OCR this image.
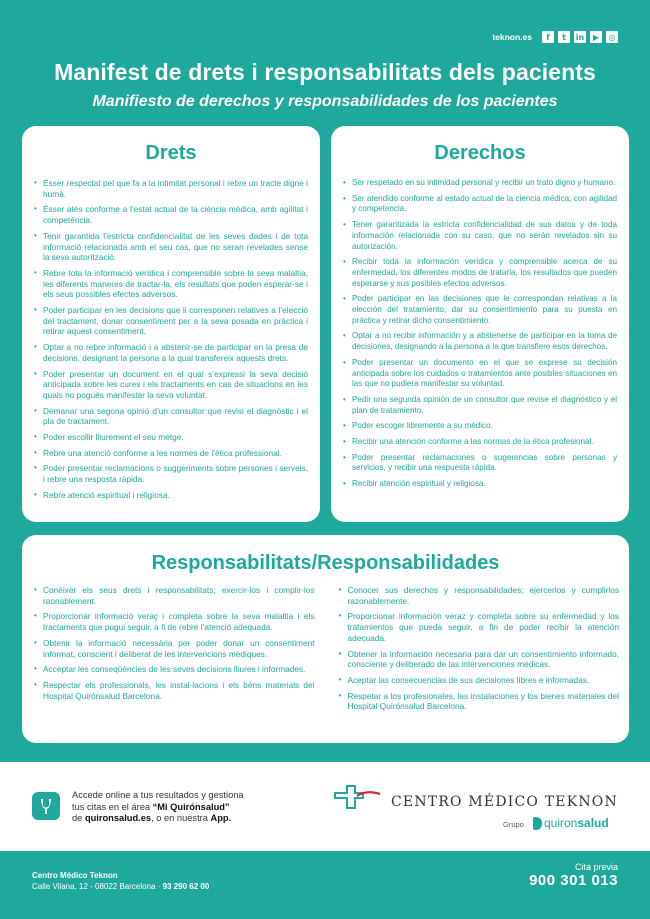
teknon.es	f	t	in	▶	◎
Manifest de drets i responsabilitats dels pacients
Manifiesto de derechos y responsabilidades de los pacientes
Drets
• Ésser respectat pel que fa a la intimitat personal i rebre un tracte digne i humà.
• Ésser atès conforme a l’estat actual de la ciència mèdica, amb agilitat i competència.
• Tenir garantida l’estricta confidencialitat de les seves dades i de tota informació relacionada amb el seu cas, que no seran revelades sense la seva autorització.
• Rebre tota la informació verídica i comprensible sobre la seva malaltia, les diferents maneres de tractar-la, els resultats que poden esperar-se i els seus possibles efectes adversos.
• Poder participar en les decisions que li corresponen relatives a l’elecció del tractament, donar consentiment per a la seva posada en pràctica i retirar aquest consentiment.
• Optar a no rebre informació i a abstenir-se de participar en la presa de decisions, designant la persona a la qual transfereix aquests drets.
• Poder presentar un document en el qual s’expressi la seva decisió anticipada sobre les cures i els tractaments en cas de situacions en les quals no pogués manifestar la seva voluntat.
• Demanar una segona opinió d’un consultor que revisi el diagnòstic i el pla de tractament.
• Poder escollir lliurement el seu metge.
• Rebre una atenció conforme a les normes de l’ètica professional.
• Poder presentar reclamacions o suggeriments sobre persones i serveis, i rebre una resposta ràpida.
• Rebre atenció espiritual i religiosa.
Derechos
• Ser respetado en su intimidad personal y recibir un trato digno y humano.
• Ser atendido conforme al estado actual de la ciencia médica, con agilidad y competencia.
• Tener garantizada la estricta confidencialidad de sus datos y de toda información relacionada con su caso, que no serán revelados sin su autorización.
• Recibir toda la información verídica y comprensible acerca de su enfermedad, los diferentes modos de tratarla, los resultados que pueden esperarse y sus posibles efectos adversos.
• Poder participar en las decisiones que le correspondan relativas a la elección del tratamiento, dar su consentimiento para su puesta en práctica y retirar dicho consentimiento.
• Optar a no recibir información y a abstenerse de participar en la toma de decisiones, designando a la persona a la que transfiere esos derechos.
• Poder presentar un documento en el que se exprese su decisión anticipada sobre los cuidados o tratamientos ante posibles situaciones en las que no pudiera manifestar su voluntad.
• Pedir una segunda opinión de un consultor que revise el diagnóstico y el plan de tratamiento.
• Poder escoger libremente a su médico.
• Recibir una atención conforme a las normas de la ética profesional.
• Poder presentar reclamaciones o sugerencias sobre personas y servicios, y recibir una respuesta rápida.
• Recibir atención espiritual y religiosa.
Responsabilitats/Responsabilidades
• Conèixer els seus drets i responsabilitats; exercir-los i complir-los raonablement.
• Proporcionar informació veraç i completa sobre la seva malaltia i els tractaments que pugui seguir, a fi de rebre l’atenció adequada.
• Obtenir la informació necessària per poder donar un consentiment informat, conscient i deliberat de les intervencions mèdiques.
• Acceptar les conseqüències de les seves decisions lliures i informades.
• Respectar els professionals, les instal·lacions i els béns materials del Hospital Quirónsalud Barcelona.
• Conocer sus derechos y responsabilidades; ejercerlos y cumplirlos razonablemente.
• Proporcionar información veraz y completa sobre su enfermedad y los tratamientos que pueda seguir, a fin de poder recibir la atención adecuada.
• Obtener la información necesaria para dar un consentimiento informado, consciente y deliberado de las intervenciones médicas.
• Aceptar las consecuencias de sus decisiones libres e informadas.
• Respetar a los profesionales, las instalaciones y los bienes materiales del Hospital Quirónsalud Barcelona.
Accede online a tus resultados y gestiona
tus citas en el área “Mi Quirónsalud”
de quironsalud.es, o en nuestra App.
CENTRO MÉDICO TEKNON
Grupo quironsalud
Centro Médico Teknon
Calle Vilana, 12 - 08022 Barcelona · 93 290 62 00
Cita previa
900 301 013
